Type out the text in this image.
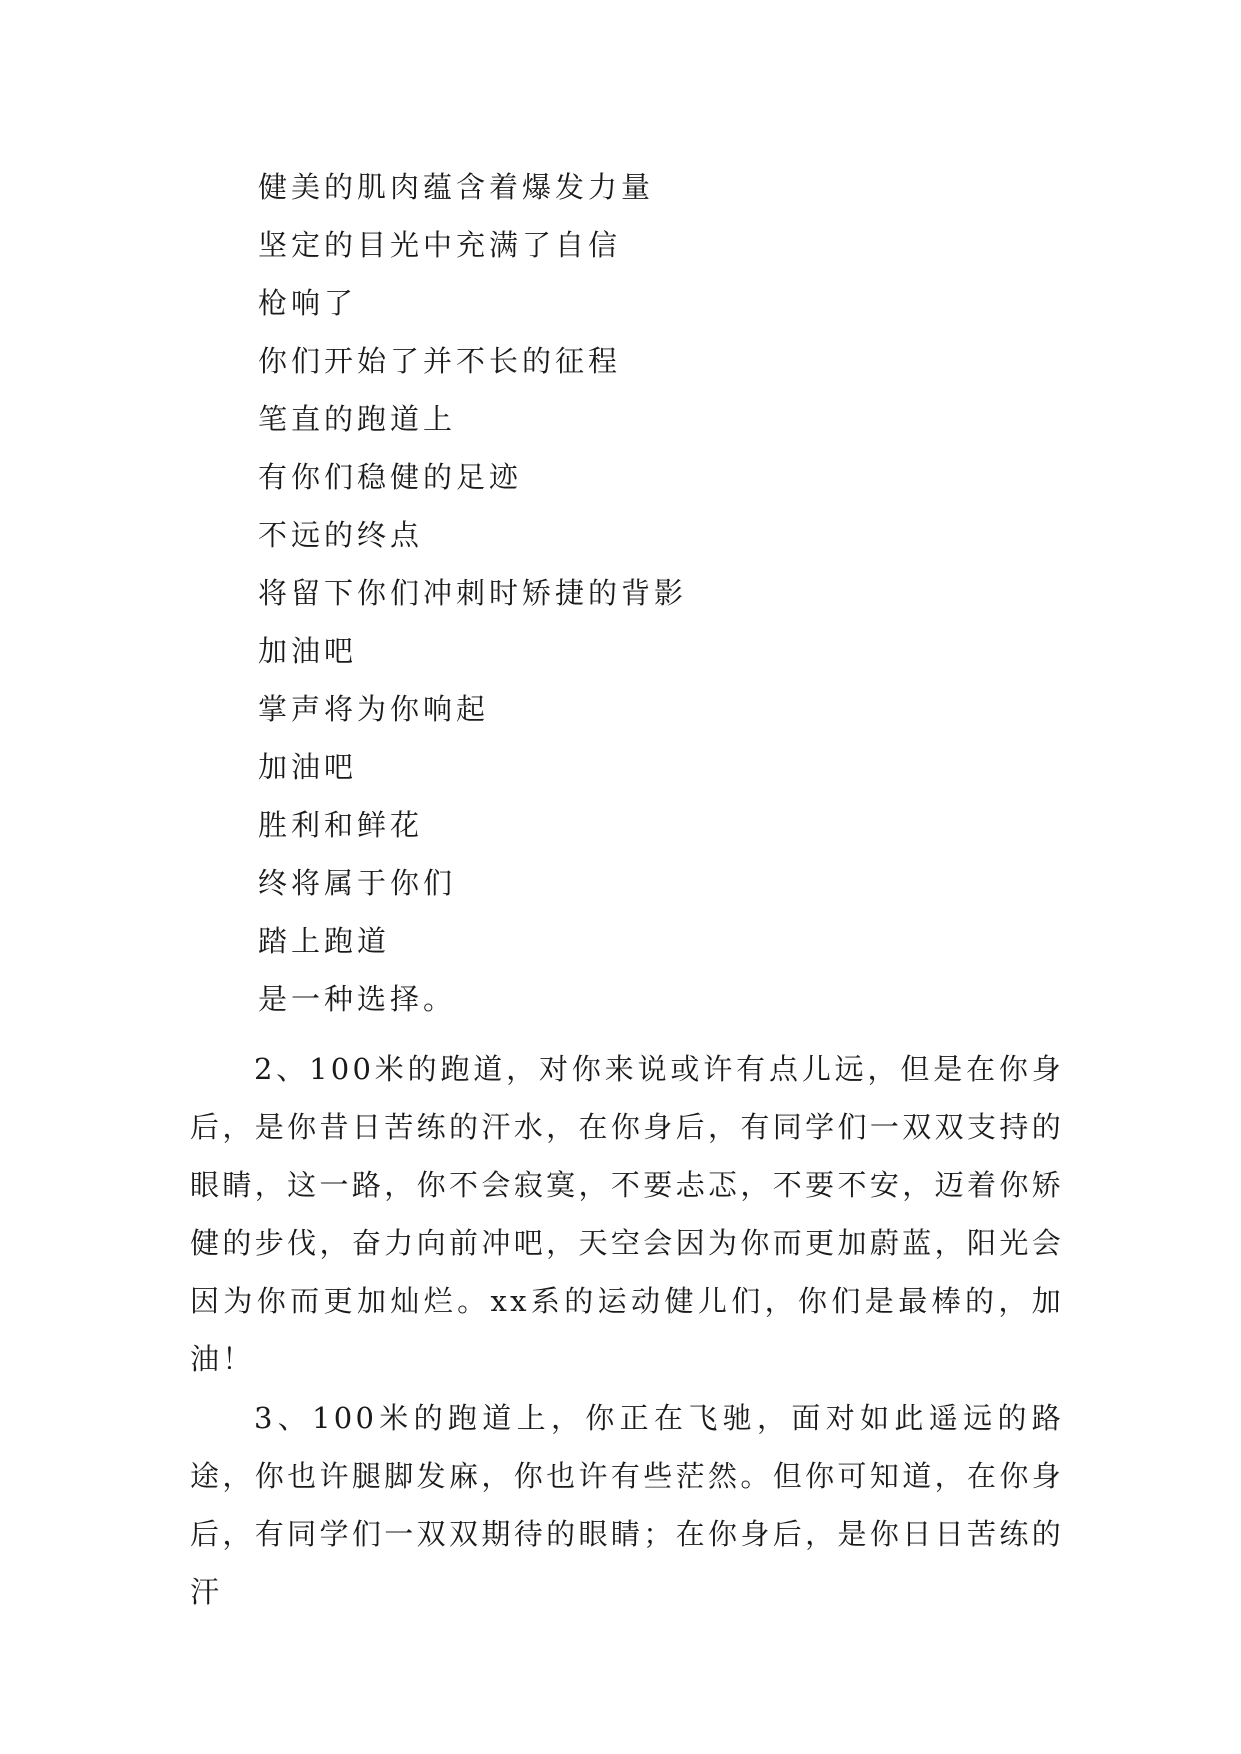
健美的肌肉蕴含着爆发力量
坚定的目光中充满了自信
枪响了
你们开始了并不长的征程
笔直的跑道上
有你们稳健的足迹
不远的终点
将留下你们冲刺时矫捷的背影
加油吧
掌声将为你响起
加油吧
胜利和鲜花
终将属于你们
踏上跑道
是一种选择。

2、100米的跑道，对你来说或许有点儿远，但是在你身后，是你昔日苦练的汗水，在你身后，有同学们一双双支持的眼睛，这一路，你不会寂寞，不要忐忑，不要不安，迈着你矫健的步伐，奋力向前冲吧，天空会因为你而更加蔚蓝，阳光会因为你而更加灿烂。xx系的运动健儿们，你们是最棒的，加油！

3、100米的跑道上，你正在飞驰，面对如此遥远的路途，你也许腿脚发麻，你也许有些茫然。但你可知道，在你身后，有同学们一双双期待的眼睛；在你身后，是你日日苦练的汗
